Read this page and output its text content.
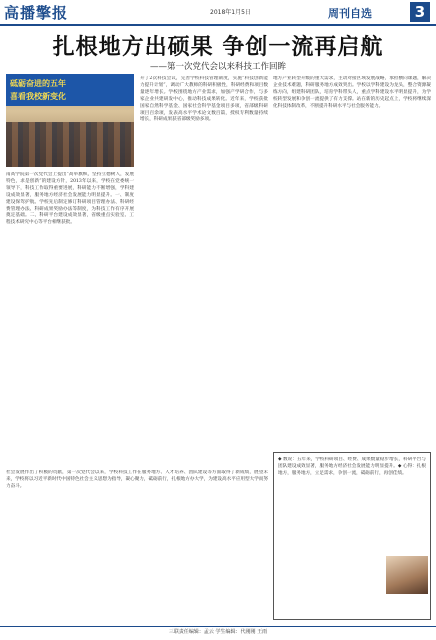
高播擎报	2018年1月5日	周刊自选	3
扎根地方出硕果 争创一流再启航
——第一次党代会以来科技工作回眸
砥砺奋进的五年
喜看我校新变化

南高学院第一次党代会上提出“高举旗帜，坚持立德树人，发展特色，求是创新”的建设方针，2013年以来，学校在党委统一领导下，科技工作取得重要进展，科研能力不断增强，学科建设成效显著，服务地方经济社会发展能力明显提升。一、制度建设保驾护航。学校先后制定修订科研项目管理办法、科研经费管理办法、科研成果奖励办法等制度，为科技工作有序开展奠定基础。二、科研平台建设成效显著，省级重点实验室、工程技术研究中心等平台相继获批。

开了2次科技会议，完善学校科技管理制度，实施“科技创新能力提升计划”，调动广大教师的科研积极性，科研经费和项目数量逐年增长。学校围绕地方产业需求，加强产学研合作，与多家企业共建研发中心，推动科技成果转化。近年来，学校获批国家自然科学基金、国家社会科学基金项目多项，省部级科研项目百余项，发表高水平学术论文数百篇，授权专利数量持续增长，科研成果获省部级奖励多项。

地方产业转型升级的重大需求，主动对接区域发展战略，承担横向课题，解决企业技术难题，科研服务地方成效突出。学校以学科建设为龙头，整合资源凝练方向，组建科研团队，培育学科带头人，重点学科建设水平明显提升，为学校转型发展和争创一流提供了有力支撑。站在新的历史起点上，学校将继续深化科技体制改革，不断提升科研水平与社会服务能力。

社会发展作出了积极的贡献，第一次党代会以来，学校科技工作在服务地方、人才培养、团队建设等方面取得了新成绩，展望未来，学校将以习近平新时代中国特色社会主义思想为指导，凝心聚力，砥砺前行，扎根地方办大学，为建设高水平应用型大学而努力奋斗。

◆ 数说：五年来，学校科研项目、经费、成果数量稳步增长，科研平台与团队建设成效显著，服务地方经济社会发展能力明显提升。◆ 心得：扎根地方，服务地方，立足需求，争创一流，砥砺前行，再创佳绩。

三联责任编辑：孟云 学生编辑：代刚刚 王雨
